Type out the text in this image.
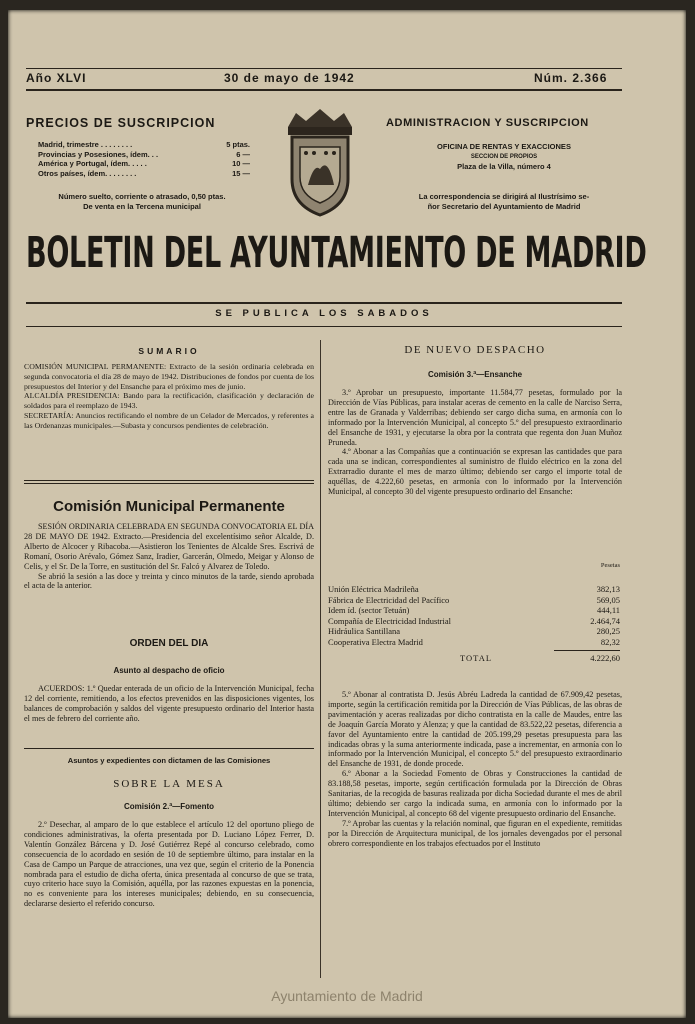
Año XLVI	30 de mayo de 1942	Núm. 2.366
PRECIOS DE SUSCRIPCION
Madrid, trimestre . . . . . . . .	5 ptas.
Provincias y Posesiones, ídem. . .	6 —
América y Portugal, ídem. . . . .	10 —
Otros países, ídem. . . . . . . .	15 —
Número suelto, corriente o atrasado, 0,50 ptas.
De venta en la Tercena municipal
ADMINISTRACION Y SUSCRIPCION
OFICINA DE RENTAS Y EXACCIONES
SECCION DE PROPIOS
Plaza de la Villa, número 4
La correspondencia se dirigirá al Ilustrísimo se-
ñor Secretario del Ayuntamiento de Madrid
BOLETIN DEL AYUNTAMIENTO DE MADRID
SE PUBLICA LOS SABADOS
SUMARIO
COMISIÓN MUNICIPAL PERMANENTE: Extracto de la sesión ordinaria celebrada en segunda convocatoria el día 28 de mayo de 1942. Distribuciones de fondos por cuenta de los presupuestos del Interior y del Ensanche para el próximo mes de junio.
ALCALDÍA PRESIDENCIA: Bando para la rectificación, clasificación y declaración de soldados para el reemplazo de 1943.
SECRETARÍA: Anuncios rectificando el nombre de un Celador de Mercados, y referentes a las Ordenanzas municipales.—Subasta y concursos pendientes de celebración.
Comisión Municipal Permanente
SESIÓN ORDINARIA CELEBRADA EN SEGUNDA CONVOCATORIA EL DÍA 28 DE MAYO DE 1942. Extracto.—Presidencia del excelentísimo señor Alcalde, D. Alberto de Alcocer y Ribacoba.—Asistieron los Tenientes de Alcalde Sres. Escrivá de Romaní, Osorio Arévalo, Gómez Sanz, Iradier, Garcerán, Olmedo, Meigar y Alonso de Celis, y el Sr. De la Torre, en sustitución del Sr. Falcó y Alvarez de Toledo.
Se abrió la sesión a las doce y treinta y cinco minutos de la tarde, siendo aprobada el acta de la anterior.
ORDEN DEL DIA
Asunto al despacho de oficio
ACUERDOS: 1.º Quedar enterada de un oficio de la Intervención Municipal, fecha 12 del corriente, remitiendo, a los efectos prevenidos en las disposiciones vigentes, los balances de comprobación y saldos del vigente presupuesto ordinario del Interior hasta el mes de febrero del corriente año.
Asuntos y expedientes con dictamen de las Comisiones
SOBRE LA MESA
Comisión 2.ª—Fomento
2.º Desechar, al amparo de lo que establece el artículo 12 del oportuno pliego de condiciones administrativas, la oferta presentada por D. Luciano López Ferrer, D. Valentín González Bárcena y D. José Gutiérrez Repé al concurso celebrado, como consecuencia de lo acordado en sesión de 10 de septiembre último, para instalar en la Casa de Campo un Parque de atracciones, una vez que, según el criterio de la Ponencia nombrada para el estudio de dicha oferta, única presentada al concurso de que se trata, cuyo criterio hace suyo la Comisión, aquélla, por las razones expuestas en la ponencia, no es conveniente para los intereses municipales; debiendo, en su consecuencia, declararse desierto el referido concurso.
DE NUEVO DESPACHO
Comisión 3.ª—Ensanche
3.º Aprobar un presupuesto, importante 11.584,77 pesetas, formulado por la Dirección de Vías Públicas, para instalar aceras de cemento en la calle de Narciso Serra, entre las de Granada y Valderribas; debiendo ser cargo dicha suma, en armonía con lo informado por la Intervención Municipal, al concepto 5.º del presupuesto extraordinario del Ensanche de 1931, y ejecutarse la obra por la contrata que regenta don Juan Muñoz Pruneda.
4.º Abonar a las Compañías que a continuación se expresan las cantidades que para cada una se indican, correspondientes al suministro de fluido eléctrico en la zona del Extrarradio durante el mes de marzo último; debiendo ser cargo el importe total de aquéllas, de 4.222,60 pesetas, en armonía con lo informado por la Intervención Municipal, al concepto 30 del vigente presupuesto ordinario del Ensanche:
Pesetas
Unión Eléctrica Madrileña	382,13
Fábrica de Electricidad del Pacífico	569,05
Idem íd. (sector Tetuán)	444,11
Compañía de Electricidad Industrial	2.464,74
Hidráulica Santillana	280,25
Cooperativa Electra Madrid	82,32
TOTAL	4.222,60
5.º Abonar al contratista D. Jesús Abréu Ladreda la cantidad de 67.909,42 pesetas, importe, según la certificación remitida por la Dirección de Vías Públicas, de las obras de pavimentación y aceras realizadas por dicho contratista en la calle de Maudes, entre las de Joaquín García Morato y Alenza; y que la cantidad de 83.522,22 pesetas, diferencia a favor del Ayuntamiento entre la cantidad de 205.199,29 pesetas presupuesta para las indicadas obras y la suma anteriormente indicada, pase a incrementar, en armonía con lo informado por la Intervención Municipal, el concepto 5.º del presupuesto extraordinario del Ensanche de 1931, de donde procede.
6.º Abonar a la Sociedad Fomento de Obras y Construcciones la cantidad de 83.188,58 pesetas, importe, según certificación formulada por la Dirección de Obras Sanitarias, de la recogida de basuras realizada por dicha Sociedad durante el mes de abril último; debiendo ser cargo la indicada suma, en armonía con lo informado por la Intervención Municipal, al concepto 68 del vigente presupuesto ordinario del Ensanche.
7.º Aprobar las cuentas y la relación nominal, que figuran en el expediente, remitidas por la Dirección de Arquitectura municipal, de los jornales devengados por el personal obrero correspondiente en los trabajos efectuados por el Instituto
Ayuntamiento de Madrid
